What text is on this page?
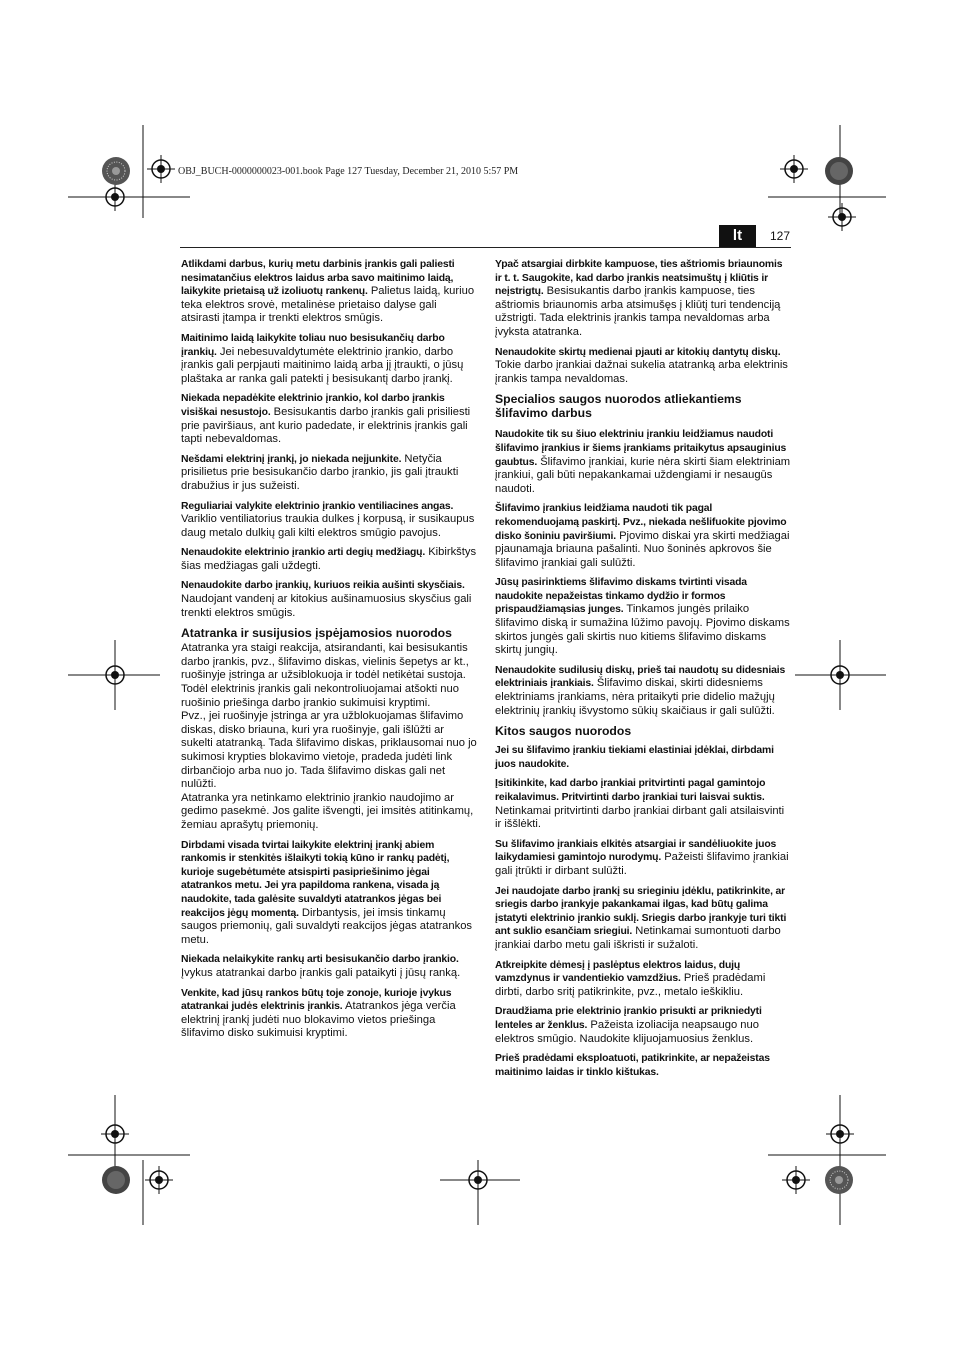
OBJ_BUCH-0000000023-001.book Page 127 Tuesday, December 21, 2010 5:57 PM
lt	127

Atlikdami darbus, kurių metu darbinis įrankis gali paliesti nesimatančius elektros laidus arba savo maitinimo laidą, laikykite prietaisą už izoliuotų rankenų. Palietus laidą, kuriuo teka elektros srovė, metalinėse prietaiso dalyse gali atsirasti įtampa ir trenkti elektros smūgis.

Maitinimo laidą laikykite toliau nuo besisukančių darbo įrankių. Jei nebesuvaldytumėte elektrinio įrankio, darbo įrankis gali perpjauti maitinimo laidą arba jį įtraukti, o jūsų plaštaka ar ranka gali patekti į besisukantį darbo įrankį.

Niekada nepadėkite elektrinio įrankio, kol darbo įrankis visiškai nesustojo. Besisukantis darbo įrankis gali prisiliesti prie paviršiaus, ant kurio padedate, ir elektrinis įrankis gali tapti nebevaldomas.

Nešdami elektrinį įrankį, jo niekada neįjunkite. Netyčia prisilietus prie besisukančio darbo įrankio, jis gali įtraukti drabužius ir jus sužeisti.

Reguliariai valykite elektrinio įrankio ventiliacines angas. Variklio ventiliatorius traukia dulkes į korpusą, ir susikaupus daug metalo dulkių gali kilti elektros smūgio pavojus.

Nenaudokite elektrinio įrankio arti degių medžiagų. Kibirkštys šias medžiagas gali uždegti.

Nenaudokite darbo įrankių, kuriuos reikia aušinti skysčiais. Naudojant vandenį ar kitokius aušinamuosius skysčius gali trenkti elektros smūgis.

Atatranka ir susijusios įspėjamosios nuorodos

Atatranka yra staigi reakcija, atsirandanti, kai besisukantis darbo įrankis, pvz., šlifavimo diskas, vielinis šepetys ar kt., ruošinyje įstringa ar užsiblokuoja ir todėl netikėtai sustoja. Todėl elektrinis įrankis gali nekontroliuojamai atšokti nuo ruošinio priešinga darbo įrankio sukimuisi kryptimi.

Pvz., jei ruošinyje įstringa ar yra užblokuojamas šlifavimo diskas, disko briauna, kuri yra ruošinyje, gali išlūžti ar sukelti atatranką. Tada šlifavimo diskas, priklausomai nuo jo sukimosi krypties blokavimo vietoje, pradeda judėti link dirbančiojo arba nuo jo. Tada šlifavimo diskas gali net nulūžti.

Atatranka yra netinkamo elektrinio įrankio naudojimo ar gedimo pasekmė. Jos galite išvengti, jei imsitės atitinkamų, žemiau aprašytų priemonių.

Dirbdami visada tvirtai laikykite elektrinį įrankį abiem rankomis ir stenkitės išlaikyti tokią kūno ir rankų padėtį, kurioje sugebėtumėte atsispirti pasipriešinimo jėgai atatrankos metu. Jei yra papildoma rankena, visada ją naudokite, tada galėsite suvaldyti atatrankos jėgas bei reakcijos jėgų momentą. Dirbantysis, jei imsis tinkamų saugos priemonių, gali suvaldyti reakcijos jėgas atatrankos metu.

Niekada nelaikykite rankų arti besisukančio darbo įrankio. Įvykus atatrankai darbo įrankis gali pataikyti į jūsų ranką.

Venkite, kad jūsų rankos būtų toje zonoje, kurioje įvykus atatrankai judės elektrinis įrankis. Atatrankos jėga verčia elektrinį įrankį judėti nuo blokavimo vietos priešinga šlifavimo disko sukimuisi kryptimi.

Ypač atsargiai dirbkite kampuose, ties aštriomis briaunomis ir t. t. Saugokite, kad darbo įrankis neatsimuštų į kliūtis ir neįstrigtų. Besisukantis darbo įrankis kampuose, ties aštriomis briaunomis arba atsimušęs į kliūtį turi tendenciją užstrigti. Tada elektrinis įrankis tampa nevaldomas arba įvyksta atatranka.

Nenaudokite skirtų medienai pjauti ar kitokių dantytų diskų. Tokie darbo įrankiai dažnai sukelia atatranką arba elektrinis įrankis tampa nevaldomas.

Specialios saugos nuorodos atliekantiems šlifavimo darbus

Naudokite tik su šiuo elektriniu įrankiu leidžiamus naudoti šlifavimo įrankius ir šiems įrankiams pritaikytus apsauginius gaubtus. Šlifavimo įrankiai, kurie nėra skirti šiam elektriniam įrankiui, gali būti nepakankamai uždengiami ir nesaugūs naudoti.

Šlifavimo įrankius leidžiama naudoti tik pagal rekomenduojamą paskirtį. Pvz., niekada nešlifuokite pjovimo disko šoniniu paviršiumi. Pjovimo diskai yra skirti medžiagai pjaunamąja briauna pašalinti. Nuo šoninės apkrovos šie šlifavimo įrankiai gali sulūžti.

Jūsų pasirinktiems šlifavimo diskams tvirtinti visada naudokite nepažeistas tinkamo dydžio ir formos prispaudžiamąsias junges. Tinkamos jungės prilaiko šlifavimo diską ir sumažina lūžimo pavojų. Pjovimo diskams skirtos jungės gali skirtis nuo kitiems šlifavimo diskams skirtų jungių.

Nenaudokite sudilusių diskų, prieš tai naudotų su didesniais elektriniais įrankiais. Šlifavimo diskai, skirti didesniems elektriniams įrankiams, nėra pritaikyti prie didelio mažųjų elektrinių įrankių išvystomo sūkių skaičiaus ir gali sulūžti.

Kitos saugos nuorodos

Jei su šlifavimo įrankiu tiekiami elastiniai įdėklai, dirbdami juos naudokite.

Įsitikinkite, kad darbo įrankiai pritvirtinti pagal gamintojo reikalavimus. Pritvirtinti darbo įrankiai turi laisvai suktis. Netinkamai pritvirtinti darbo įrankiai dirbant gali atsilaisvinti ir iššlėkti.

Su šlifavimo įrankiais elkitės atsargiai ir sandėliuokite juos laikydamiesi gamintojo nurodymų. Pažeisti šlifavimo įrankiai gali įtrūkti ir dirbant sulūžti.

Jei naudojate darbo įrankį su srieginiu įdėklu, patikrinkite, ar sriegis darbo įrankyje pakankamai ilgas, kad būtų galima įstatyti elektrinio įrankio suklį. Sriegis darbo įrankyje turi tikti ant suklio esančiam sriegiui. Netinkamai sumontuoti darbo įrankiai darbo metu gali iškristi ir sužaloti.

Atkreipkite dėmesį į paslėptus elektros laidus, dujų vamzdynus ir vandentiekio vamzdžius. Prieš pradėdami dirbti, darbo sritį patikrinkite, pvz., metalo ieškikliu.

Draudžiama prie elektrinio įrankio prisukti ar prikniedyti lenteles ar ženklus. Pažeista izoliacija neapsaugo nuo elektros smūgio. Naudokite klijuojamuosius ženklus.

Prieš pradėdami eksploatuoti, patikrinkite, ar nepažeistas maitinimo laidas ir tinklo kištukas.
